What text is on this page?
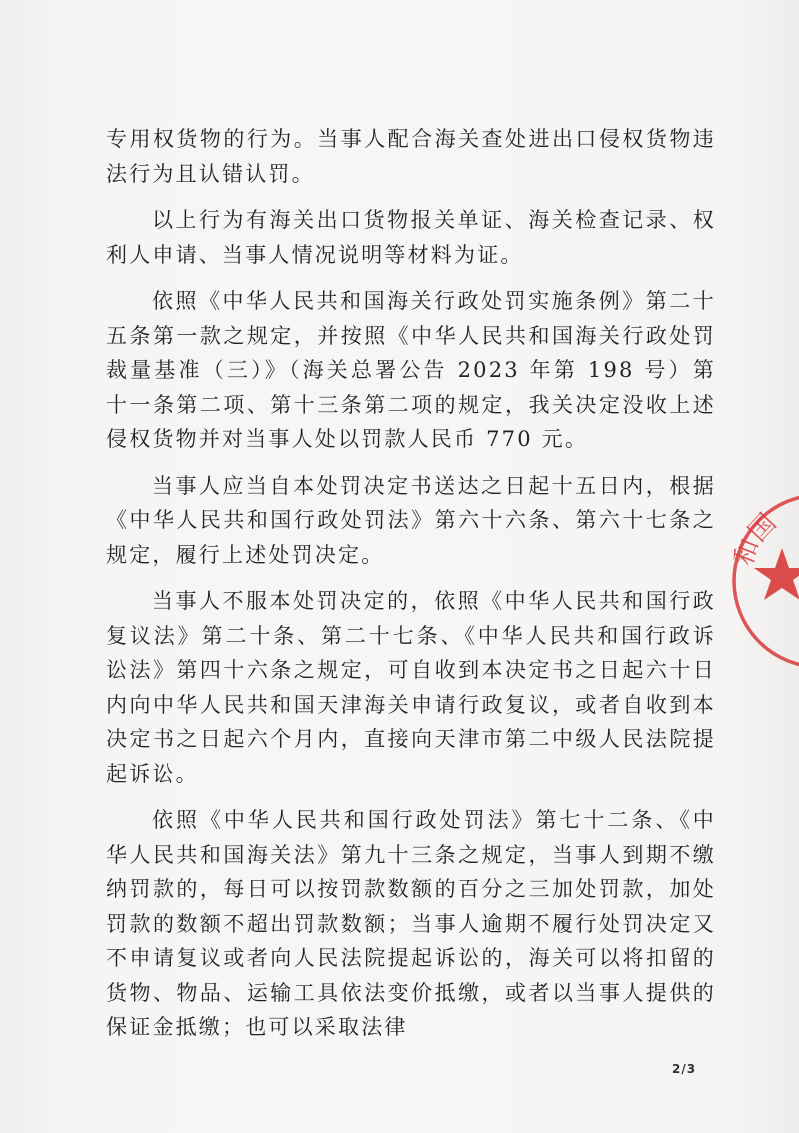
专用权货物的行为。当事人配合海关查处进出口侵权货物违法行为且认错认罚。

以上行为有海关出口货物报关单证、海关检查记录、权利人申请、当事人情况说明等材料为证。

依照《中华人民共和国海关行政处罚实施条例》第二十五条第一款之规定，并按照《中华人民共和国海关行政处罚裁量基准（三）》（海关总署公告 2023 年第 198 号）第十一条第二项、第十三条第二项的规定，我关决定没收上述侵权货物并对当事人处以罚款人民币 770 元。

当事人应当自本处罚决定书送达之日起十五日内，根据《中华人民共和国行政处罚法》第六十六条、第六十七条之规定，履行上述处罚决定。

当事人不服本处罚决定的，依照《中华人民共和国行政复议法》第二十条、第二十七条、《中华人民共和国行政诉讼法》第四十六条之规定，可自收到本决定书之日起六十日内向中华人民共和国天津海关申请行政复议，或者自收到本决定书之日起六个月内，直接向天津市第二中级人民法院提起诉讼。

依照《中华人民共和国行政处罚法》第七十二条、《中华人民共和国海关法》第九十三条之规定，当事人到期不缴纳罚款的，每日可以按罚款数额的百分之三加处罚款，加处罚款的数额不超出罚款数额；当事人逾期不履行处罚决定又不申请复议或者向人民法院提起诉讼的，海关可以将扣留的货物、物品、运输工具依法变价抵缴，或者以当事人提供的保证金抵缴；也可以采取法律

和国
2/3
